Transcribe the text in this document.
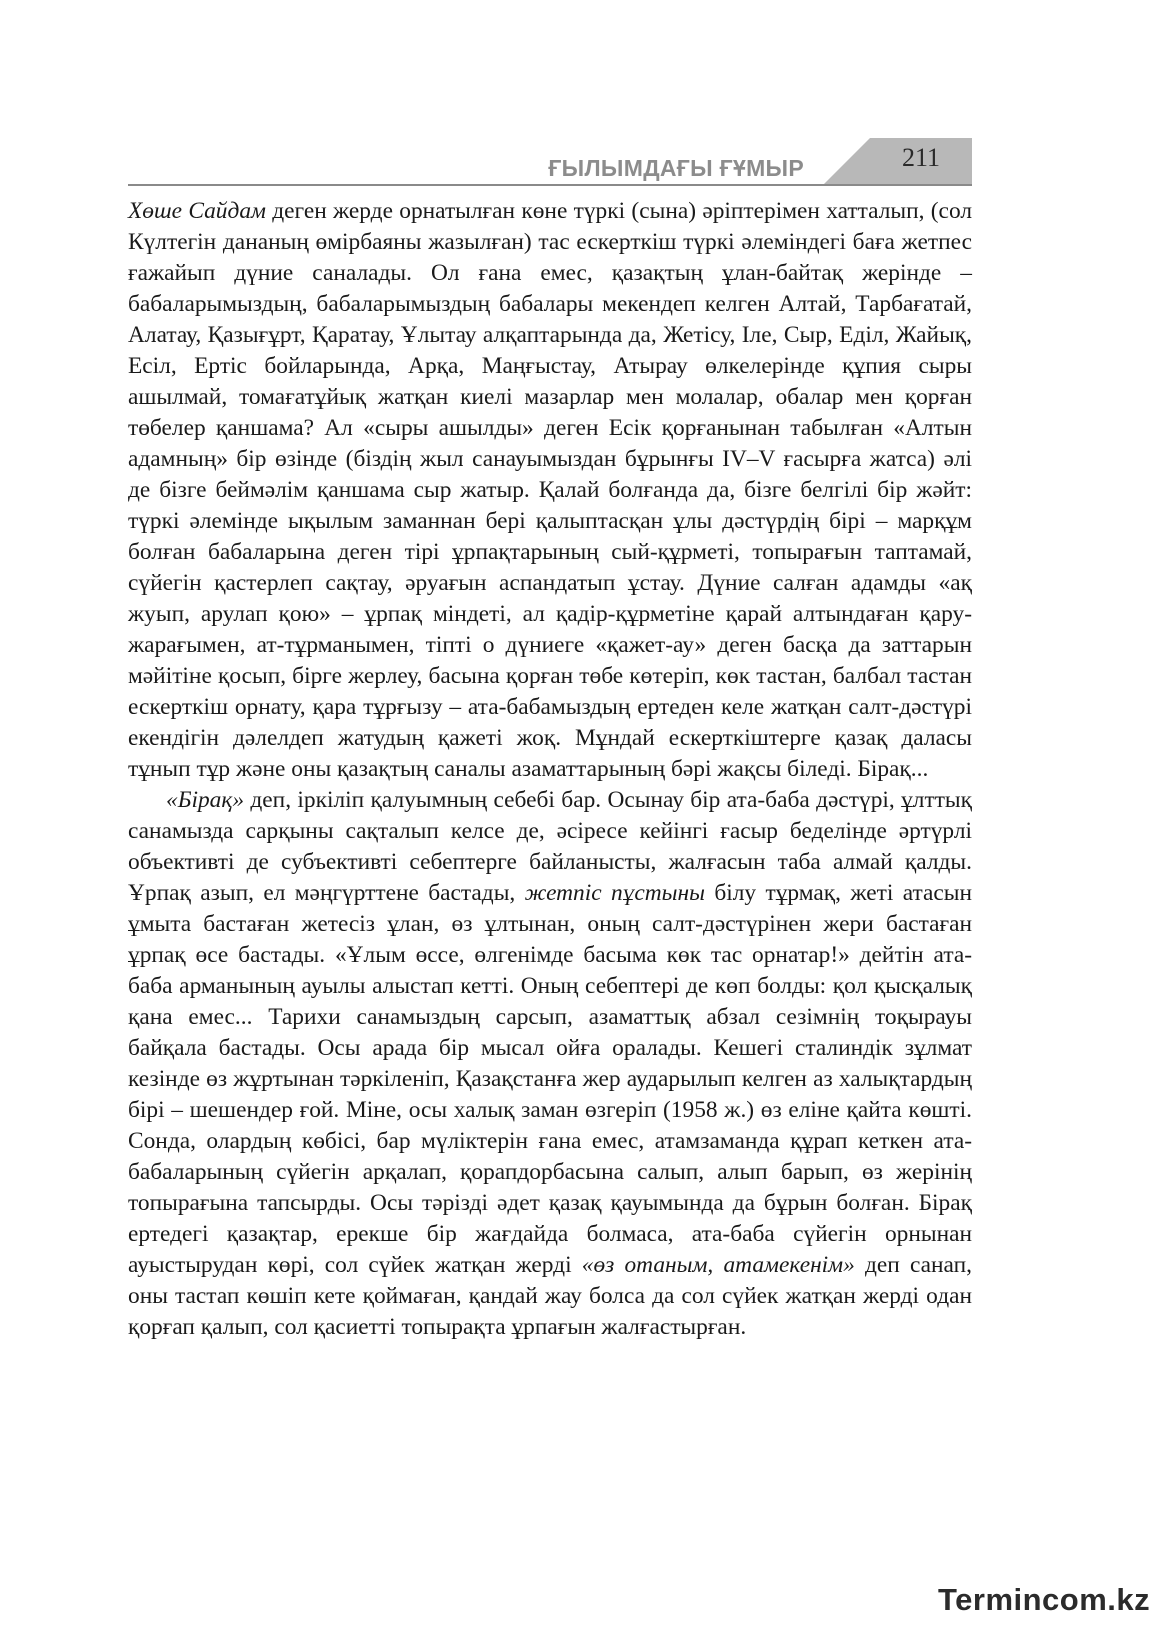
ҒЫЛЫМДАҒЫ ҒҰМЫР	211

Хөше Сайдам деген жерде орнатылған көне түркі (сына) әріптерімен хатталып, (сол Күлтегін дананың өмірбаяны жазылған) тас ескерткіш түркі әлеміндегі баға жетпес ғажайып дүние саналады. Ол ғана емес, қазақтың ұлан-байтақ жерінде – бабаларымыздың, бабаларымыздың бабалары мекендеп келген Алтай, Тарбағатай, Алатау, Қазығұрт, Қаратау, Ұлытау алқаптарында да, Жетісу, Іле, Сыр, Еділ, Жайық, Есіл, Ертіс бойларында, Арқа, Маңғыстау, Атырау өлкелерінде құпия сыры ашылмай, томағатұйық жатқан киелі мазарлар мен молалар, обалар мен қорған төбелер қаншама? Ал «сыры ашылды» деген Есік қорғанынан табылған «Алтын адамның» бір өзінде (біздің жыл санауымыздан бұрынғы IV–V ғасырға жатса) әлі де бізге беймәлім қаншама сыр жатыр. Қалай болғанда да, бізге белгілі бір жәйт: түркі әлемінде ықылым заманнан бері қалыптасқан ұлы дәстүрдің бірі – марқұм болған бабаларына деген тірі ұрпақтарының сый-құрметі, топырағын таптамай, сүйегін қастерлеп сақтау, әруағын аспандатып ұстау. Дүние салған адамды «ақ жуып, арулап қою» – ұрпақ міндеті, ал қадір-құрметіне қарай алтындаған қару-жарағымен, ат-тұрманымен, тіпті о дүниеге «қажет-ау» деген басқа да заттарын мәйітіне қосып, бірге жерлеу, басына қорған төбе көтеріп, көк тастан, балбал тастан ескерткіш орнату, қара тұрғызу – ата-бабамыздың ертеден келе жатқан салт-дәстүрі екендігін дәлелдеп жатудың қажеті жоқ. Мұндай ескерткіштерге қазақ даласы тұнып тұр және оны қазақтың саналы азаматтарының бәрі жақсы біледі. Бірақ...

«Бірақ» деп, іркіліп қалуымның себебі бар. Осынау бір ата-баба дәстүрі, ұлттық санамызда сарқыны сақталып келсе де, әсіресе кейінгі ғасыр беделінде әртүрлі объективті де субъективті себептерге байланысты, жалғасын таба алмай қалды. Ұрпақ азып, ел мәңгүрттене бастады, жетпіс пұстыны білу тұрмақ, жеті атасын ұмыта бастаған жетесіз ұлан, өз ұлтынан, оның салт-дәстүрінен жери бастаған ұрпақ өсе бастады. «Ұлым өссе, өлгенімде басыма көк тас орнатар!» дейтін ата-баба арманының ауылы алыстап кетті. Оның себептері де көп болды: қол қысқалық қана емес... Тарихи санамыздың сарсып, азаматтық абзал сезімнің тоқырауы байқала бастады. Осы арада бір мысал ойға оралады. Кешегі сталиндік зұлмат кезінде өз жұртынан тәркіленіп, Қазақстанға жер аударылып келген аз халықтардың бірі – шешендер ғой. Міне, осы халық заман өзгеріп (1958 ж.) өз еліне қайта көшті. Сонда, олардың көбісі, бар мүліктерін ғана емес, атамзаманда құрап кеткен ата-бабаларының сүйегін арқалап, қорапдорбасына салып, алып барып, өз жерінің топырағына тапсырды. Осы тәрізді әдет қазақ қауымында да бұрын болған. Бірақ ертедегі қазақтар, ерекше бір жағдайда болмаса, ата-баба сүйегін орнынан ауыстырудан көрі, сол сүйек жатқан жерді «өз отаным, атамекенім» деп санап, оны тастап көшіп кете қоймаған, қандай жау болса да сол сүйек жатқан жерді одан қорғап қалып, сол қасиетті топырақта ұрпағын жалғастырған.

Termincom.kz
